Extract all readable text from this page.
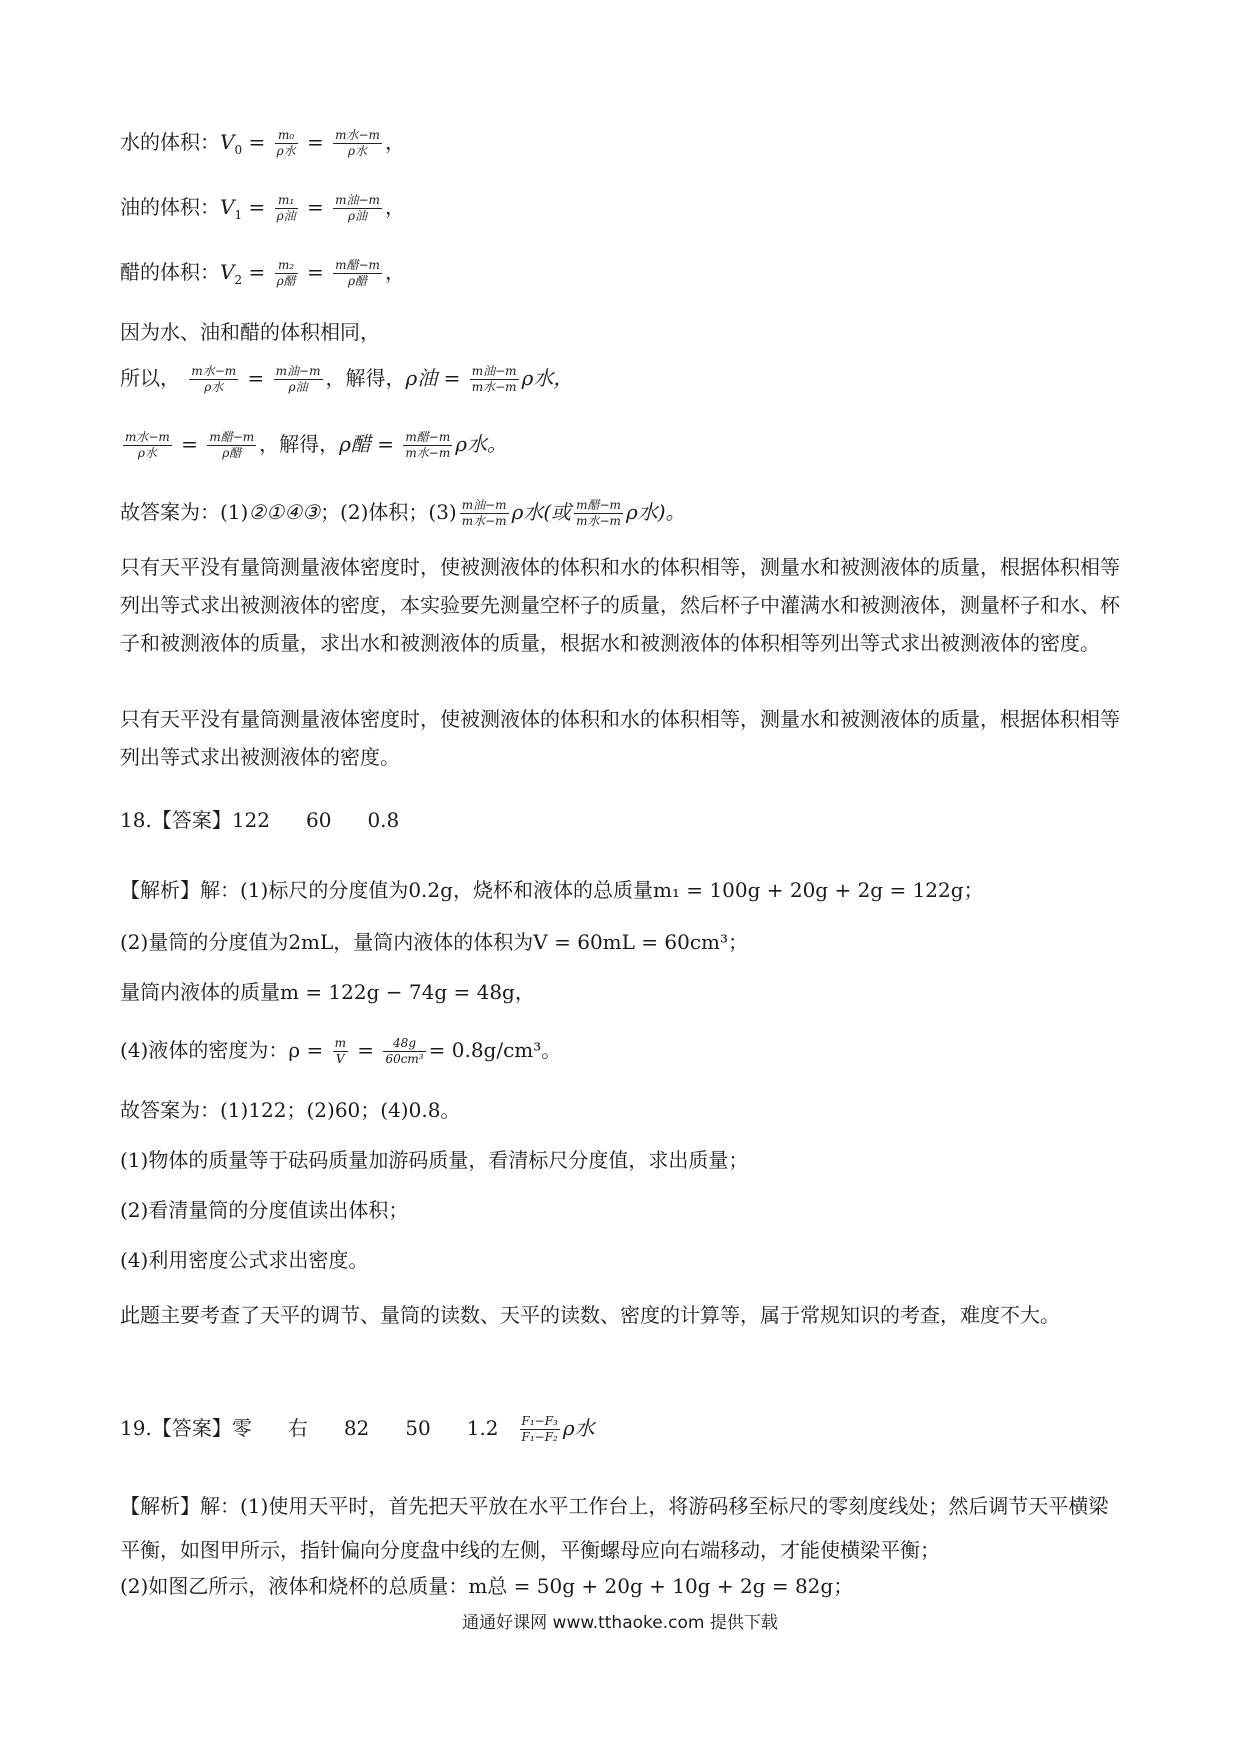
水的体积：$V_0 = \frac{\text{m₀}}{\text{ρ水}} = \frac{\text{m水−m}}{\text{ρ水}}$ ，
油的体积：$V_1 = \frac{\text{m₁}}{\text{ρ油}} = \frac{\text{m油−m}}{\text{ρ油}}$ ，
醋的体积：$V_2 = \frac{\text{m₂}}{\text{ρ醋}} = \frac{\text{m醋−m}}{\text{ρ醋}}$ ，
因为水、油和醋的体积相同，
所以， $\frac{\text{m水−m}}{\text{ρ水}} = \frac{\text{m油−m}}{\text{ρ油}}$ ，解得，ρ油 = $\frac{\text{m油−m}}{\text{m水−m}}$ ρ水，
$\frac{\text{m水−m}}{\text{ρ水}} = \frac{\text{m醋−m}}{\text{ρ醋}}$ ，解得，ρ醋 = $\frac{\text{m醋−m}}{\text{m水−m}}$ ρ水。
故答案为：(1)②①④③；(2)体积；$(3) \frac{\text{m油−m}}{\text{m水−m}}$ ρ水(或 $\frac{\text{m醋−m}}{\text{m水−m}}$ ρ水)。
只有天平没有量筒测量液体密度时，使被测液体的体积和水的体积相等，测量水和被测液体的质量，根据体积相等列出等式求出被测液体的密度，本实验要先测量空杯子的质量，然后杯子中灌满水和被测液体，测量杯子和水、杯子和被测液体的质量，求出水和被测液体的质量，根据水和被测液体的体积相等列出等式求出被测液体的密度。
只有天平没有量筒测量液体密度时，使被测液体的体积和水的体积相等，测量水和被测液体的质量，根据体积相等列出等式求出被测液体的密度。
18.【答案】122 60 0.8
【解析】解：(1)标尺的分度值为0.2g，烧杯和液体的总质量m₁ = 100g + 20g + 2g = 122g；
(2)量筒的分度值为2mL，量筒内液体的体积为V = 60mL = 60cm³；
量筒内液体的质量m = 122g − 74g = 48g，
(4)液体的密度为：$\rho = \frac{m}{V} = \frac{48g}{\text{60cm³}} = 0.8g/cm^3$。
故答案为：(1)122；(2)60；(4)0.8。
(1)物体的质量等于砝码质量加游码质量，看清标尺分度值，求出质量；
(2)看清量筒的分度值读出体积；
(4)利用密度公式求出密度。
此题主要考查了天平的调节、量筒的读数、天平的读数、密度的计算等，属于常规知识的考查，难度不大。
19.【答案】零 右 82 50 $1.2 \frac{\text{F₁−F₃}}{\text{F₁−F₂}}$ ρ水
【解析】解：(1)使用天平时，首先把天平放在水平工作台上，将游码移至标尺的零刻度线处；然后调节天平横梁平衡，如图甲所示，指针偏向分度盘中线的左侧，平衡螺母应向右端移动，才能使横梁平衡；
(2)如图乙所示，液体和烧杯的总质量：m总 = 50g + 20g + 10g + 2g = 82g；
通通好课网 www.tthaoke.com 提供下载
